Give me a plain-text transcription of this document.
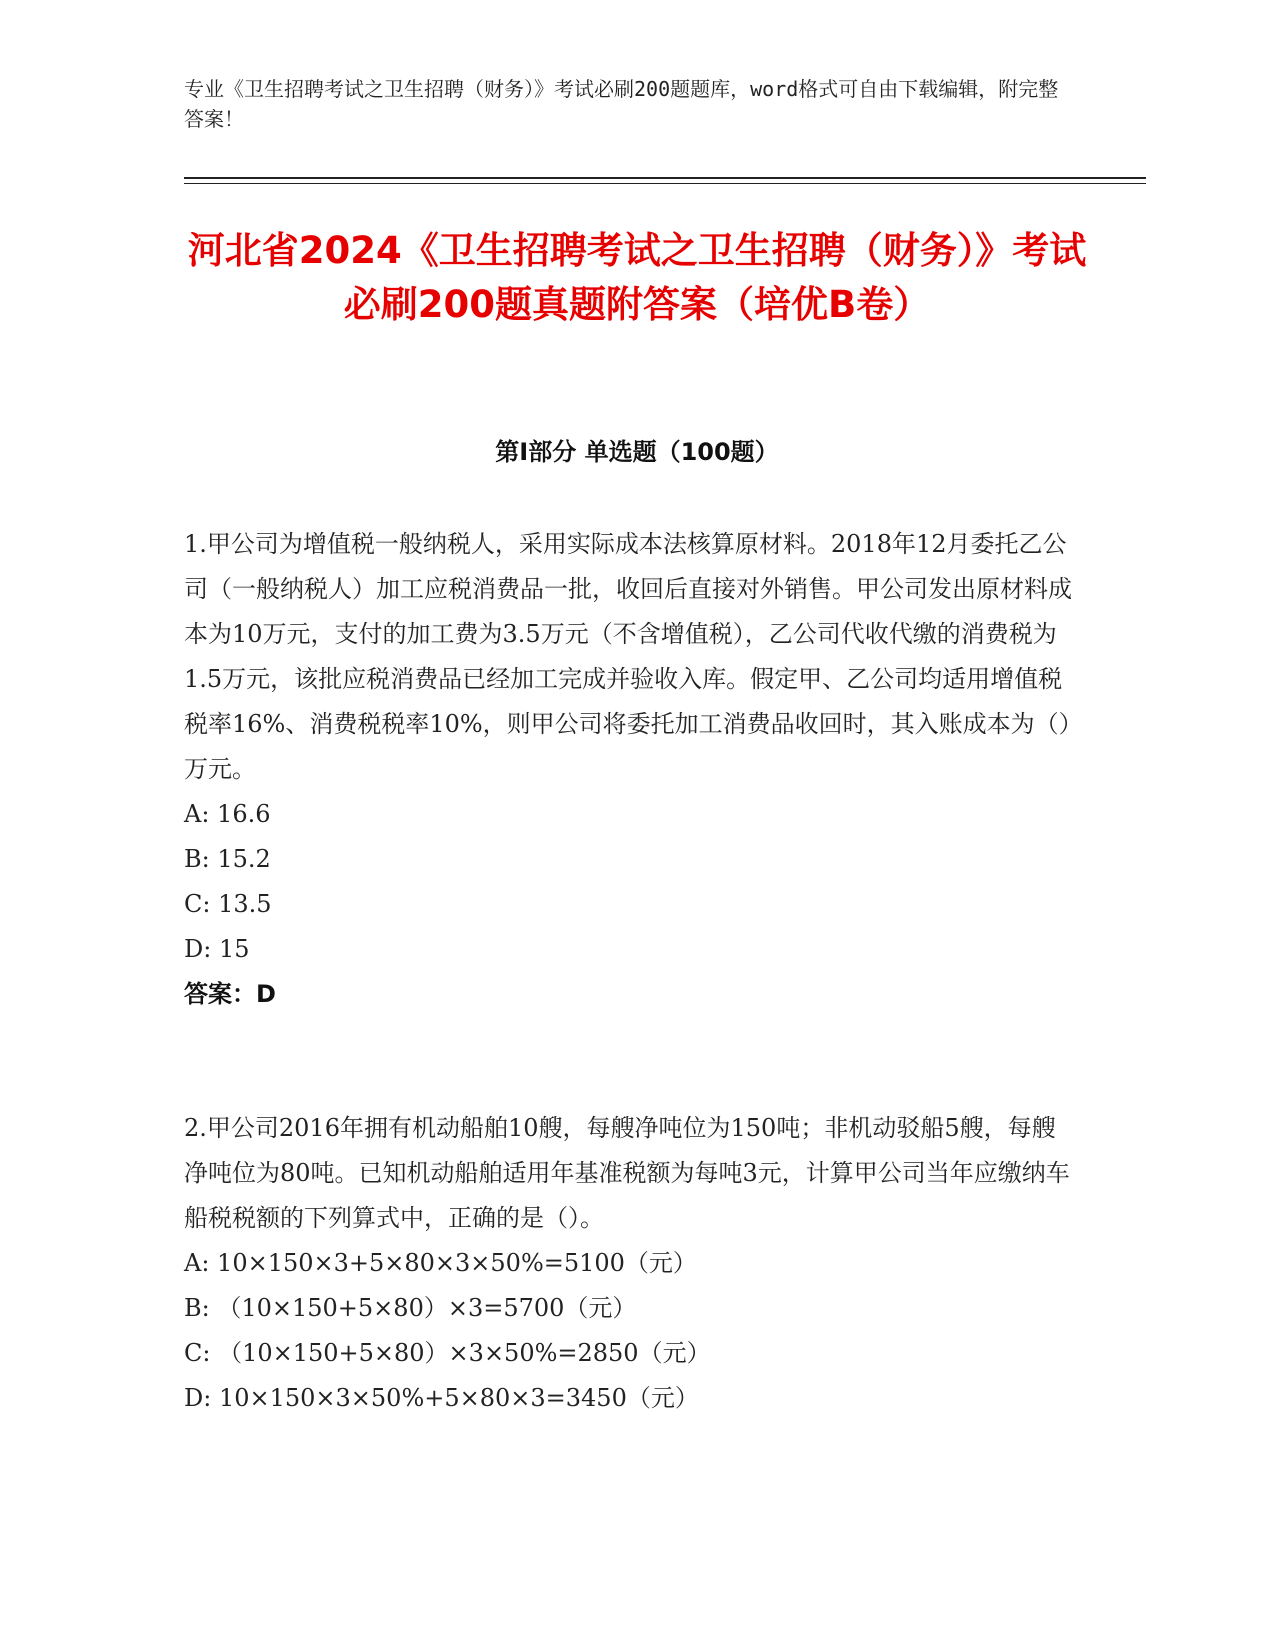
专业《卫生招聘考试之卫生招聘（财务）》考试必刷200题题库，word格式可自由下载编辑，附完整答案！
河北省2024《卫生招聘考试之卫生招聘（财务）》考试必刷200题真题附答案（培优B卷）
第I部分 单选题（100题）

1.甲公司为增值税一般纳税人，采用实际成本法核算原材料。2018年12月委托乙公司（一般纳税人）加工应税消费品一批，收回后直接对外销售。甲公司发出原材料成本为10万元，支付的加工费为3.5万元（不含增值税），乙公司代收代缴的消费税为1.5万元，该批应税消费品已经加工完成并验收入库。假定甲、乙公司均适用增值税税率16%、消费税税率10%，则甲公司将委托加工消费品收回时，其入账成本为（）万元。

A: 16.6

B: 15.2

C: 13.5

D: 15

答案：D

2.甲公司2016年拥有机动船舶10艘，每艘净吨位为150吨；非机动驳船5艘，每艘净吨位为80吨。已知机动船舶适用年基准税额为每吨3元，计算甲公司当年应缴纳车船税税额的下列算式中，正确的是（）。

A: 10×150×3+5×80×3×50%=5100（元）

B: （10×150+5×80）×3=5700（元）

C: （10×150+5×80）×3×50%=2850（元）

D: 10×150×3×50%+5×80×3=3450（元）
